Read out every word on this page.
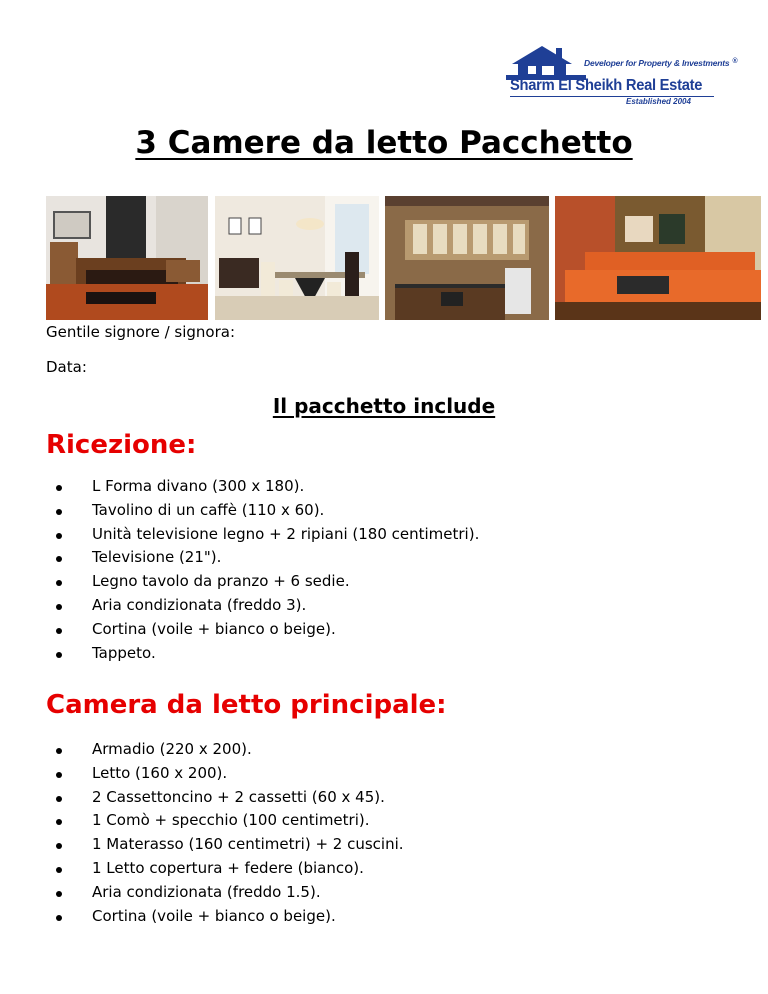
Developer for Property & Investments ®
Sharm El Sheikh Real Estate
Established 2004
3 Camere da letto Pacchetto
Gentile signore / signora:
Data:
Il pacchetto include
Ricezione:
L Forma divano (300 x 180).
Tavolino di un caffè (110 x 60).
Unità televisione legno + 2 ripiani (180 centimetri).
Televisione (21").
Legno tavolo da pranzo + 6 sedie.
Aria condizionata (freddo 3).
Cortina (voile + bianco o beige).
Tappeto.
Camera da letto principale:
Armadio (220 x 200).
Letto (160 x 200).
2 Cassettoncino + 2 cassetti (60 x 45).
1 Comò + specchio (100 centimetri).
1 Materasso (160 centimetri) + 2 cuscini.
1 Letto copertura + federe (bianco).
Aria condizionata (freddo 1.5).
Cortina (voile + bianco o beige).
